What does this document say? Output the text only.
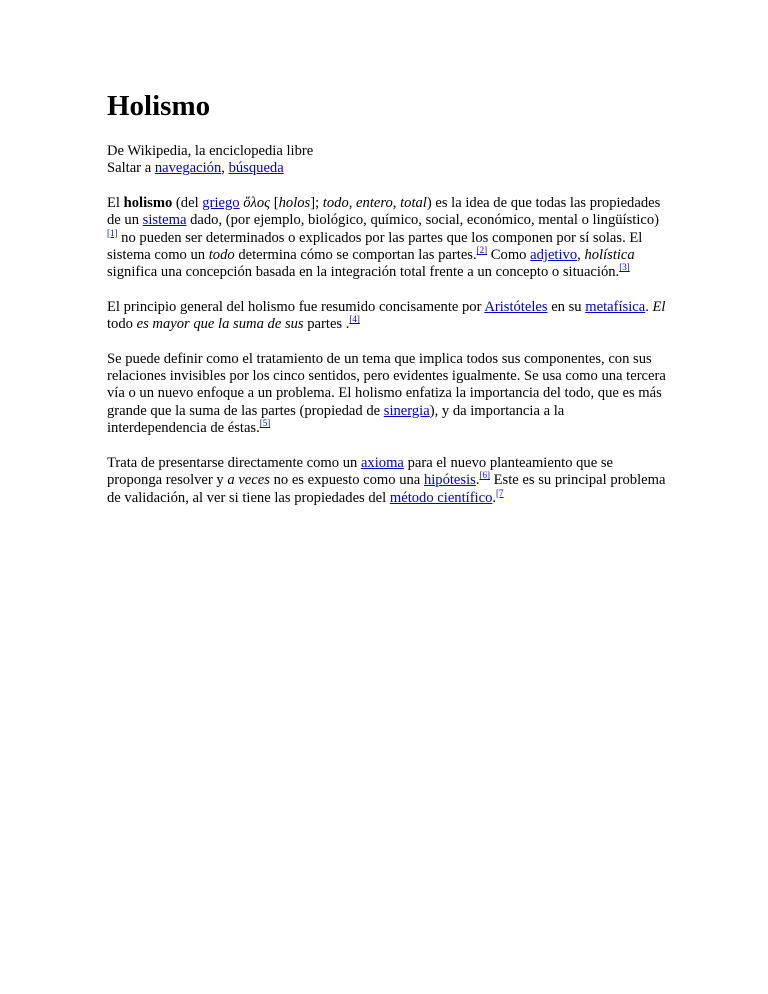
Holismo
De Wikipedia, la enciclopedia libre
Saltar a navegación, búsqueda

El holismo (del griego ὅλος [holos]; todo, entero, total) es la idea de que todas las propiedades de un sistema dado, (por ejemplo, biológico, químico, social, económico, mental o lingüístico)[1] no pueden ser determinados o explicados por las partes que los componen por sí solas. El sistema como un todo determina cómo se comportan las partes.[2] Como adjetivo, holística significa una concepción basada en la integración total frente a un concepto o situación.[3]

El principio general del holismo fue resumido concisamente por Aristóteles en su metafísica. El todo es mayor que la suma de sus partes .[4]

Se puede definir como el tratamiento de un tema que implica todos sus componentes, con sus relaciones invisibles por los cinco sentidos, pero evidentes igualmente. Se usa como una tercera vía o un nuevo enfoque a un problema. El holismo enfatiza la importancia del todo, que es más grande que la suma de las partes (propiedad de sinergia), y da importancia a la interdependencia de éstas.[5]

Trata de presentarse directamente como un axioma para el nuevo planteamiento que se proponga resolver y a veces no es expuesto como una hipótesis.[6] Este es su principal problema de validación, al ver si tiene las propiedades del método científico.$^{[7}$
